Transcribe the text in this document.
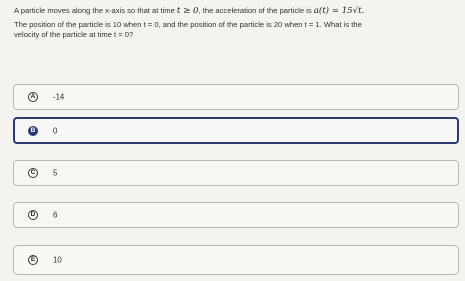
A particle moves along the x-axis so that at time t ≥ 0, the acceleration of the particle is a(t) = 15√t.

The position of the particle is 10 when t = 0, and the position of the particle is 20 when t = 1. What is the

velocity of the particle at time t = 0?

A	-14
B	0
C	5
D	6
E	10
